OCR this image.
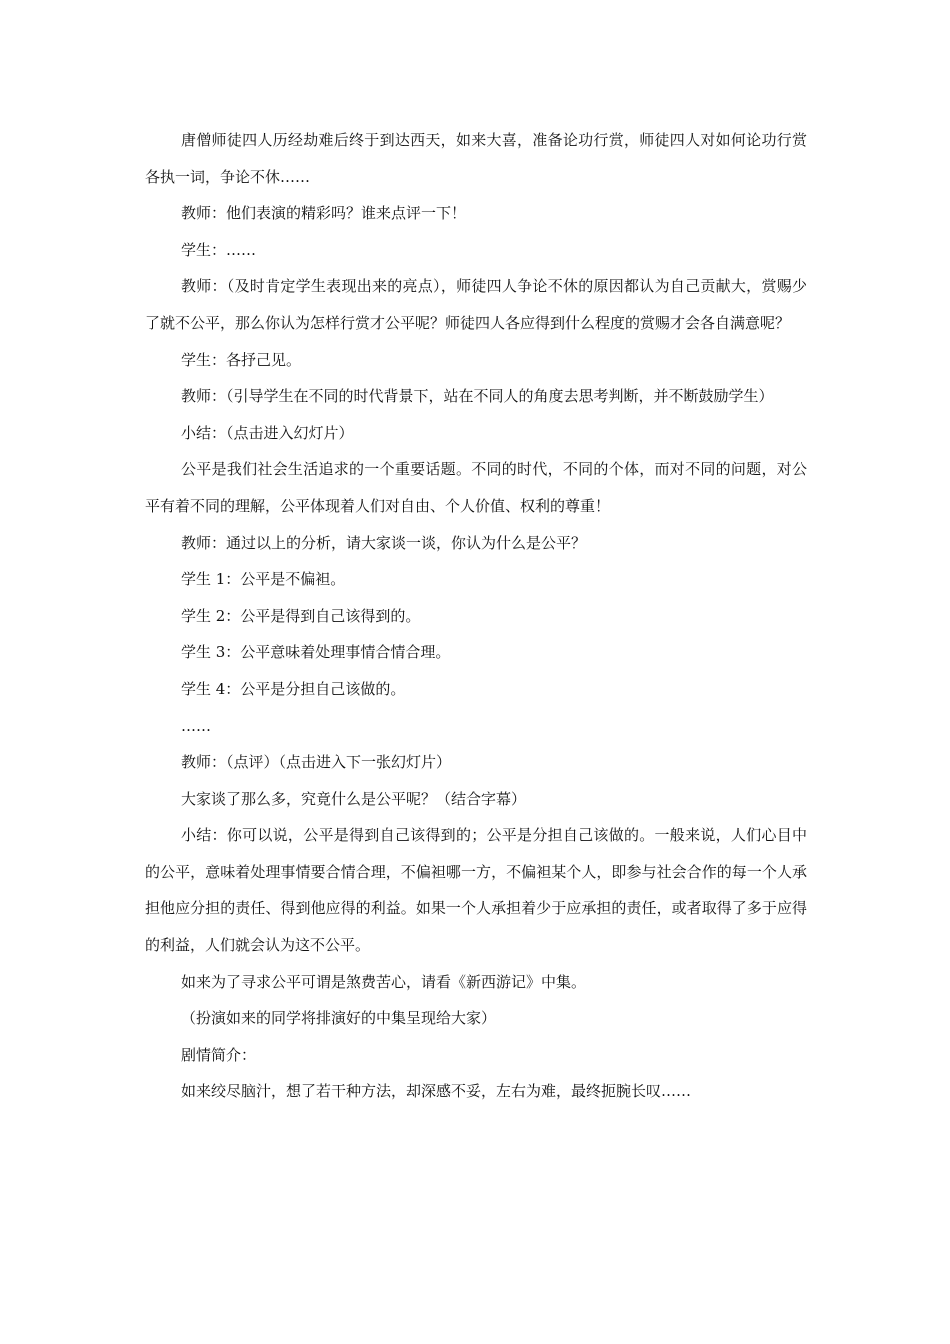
唐僧师徒四人历经劫难后终于到达西天，如来大喜，准备论功行赏，师徒四人对如何论功行赏各执一词，争论不休……

教师：他们表演的精彩吗？谁来点评一下！

学生：……

教师：（及时肯定学生表现出来的亮点），师徒四人争论不休的原因都认为自己贡献大，赏赐少了就不公平，那么你认为怎样行赏才公平呢？师徒四人各应得到什么程度的赏赐才会各自满意呢？

学生：各抒己见。

教师：（引导学生在不同的时代背景下，站在不同人的角度去思考判断，并不断鼓励学生）

小结：（点击进入幻灯片）

公平是我们社会生活追求的一个重要话题。不同的时代，不同的个体，而对不同的问题，对公平有着不同的理解，公平体现着人们对自由、个人价值、权利的尊重！

教师：通过以上的分析，请大家谈一谈，你认为什么是公平？

学生 1：公平是不偏袒。

学生 2：公平是得到自己该得到的。

学生 3：公平意味着处理事情合情合理。

学生 4：公平是分担自己该做的。

……

教师：（点评）（点击进入下一张幻灯片）

大家谈了那么多，究竟什么是公平呢？（结合字幕）

小结：你可以说，公平是得到自己该得到的；公平是分担自己该做的。一般来说，人们心目中的公平，意味着处理事情要合情合理，不偏袒哪一方，不偏袒某个人，即参与社会合作的每一个人承担他应分担的责任、得到他应得的利益。如果一个人承担着少于应承担的责任，或者取得了多于应得的利益，人们就会认为这不公平。

如来为了寻求公平可谓是煞费苦心，请看《新西游记》中集。

（扮演如来的同学将排演好的中集呈现给大家）

剧情简介：

如来绞尽脑汁，想了若干种方法，却深感不妥，左右为难，最终扼腕长叹……
